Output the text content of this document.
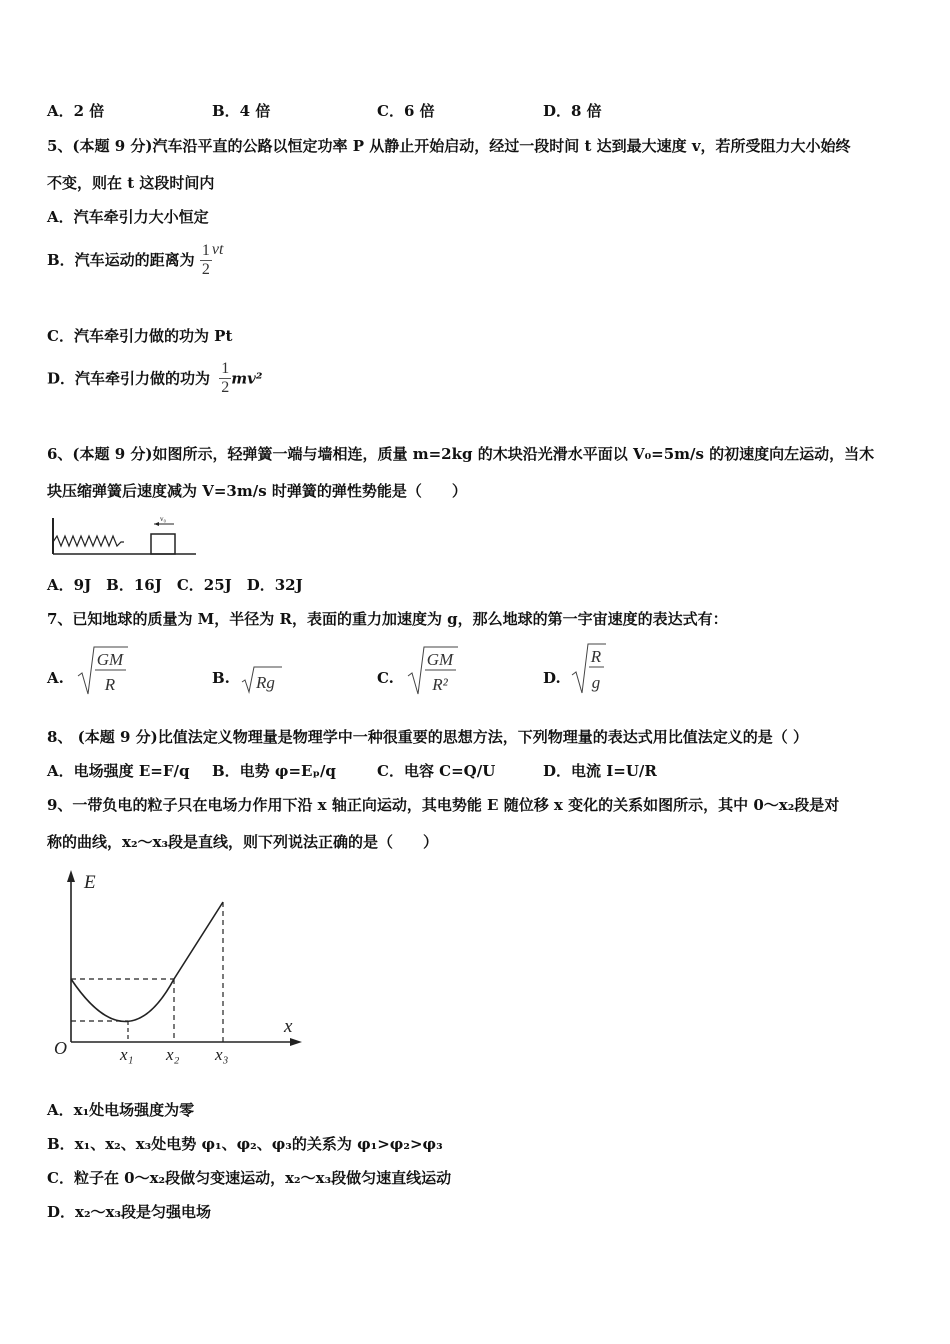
A．2 倍	B．4 倍	C．6 倍	D．8 倍
5、(本题 9 分)汽车沿平直的公路以恒定功率 P 从静止开始启动，经过一段时间 t 达到最大速度 v，若所受阻力大小始终
不变，则在 t 这段时间内
A．汽车牵引力大小恒定
B．汽车运动的距离为 $\frac{1}{2}$ vt
C．汽车牵引力做的功为 Pt
D．汽车牵引力做的功为 $\frac{1}{2} mv^2$
6、(本题 9 分)如图所示，轻弹簧一端与墙相连，质量 m=2kg 的木块沿光滑水平面以 V₀=5m/s 的初速度向左运动，当木
块压缩弹簧后速度减为 V=3m/s 时弹簧的弹性势能是（　　）
v₀
A．9J　B．16J　C．25J　D．32J
7、已知地球的质量为 M，半径为 R，表面的重力加速度为 g，那么地球的第一宇宙速度的表达式有：
A.
GM
R	B. Rg	C.
GM
R²	D.
R
g
8、 (本题 9 分)比值法定义物理量是物理学中一种很重要的思想方法，下列物理量的表达式用比值法定义的是（ ）
A．电场强度 E=F/q B．电势 φ=Eₚ/q	C．电容 C=Q/U	D．电流 I=U/R
9、一带负电的粒子只在电场力作用下沿 x 轴正向运动，其电势能 E 随位移 x 变化的关系如图所示，其中 0～x₂段是对
称的曲线，x₂～x₃段是直线，则下列说法正确的是（　　）
E
x
O	x₁ x₂ x₃
A．x₁处电场强度为零
B．x₁、x₂、x₃处电势 φ₁、φ₂、φ₃的关系为 φ₁>φ₂>φ₃
C．粒子在 0～x₂段做匀变速运动，x₂～x₃段做匀速直线运动
D．x₂～x₃段是匀强电场
